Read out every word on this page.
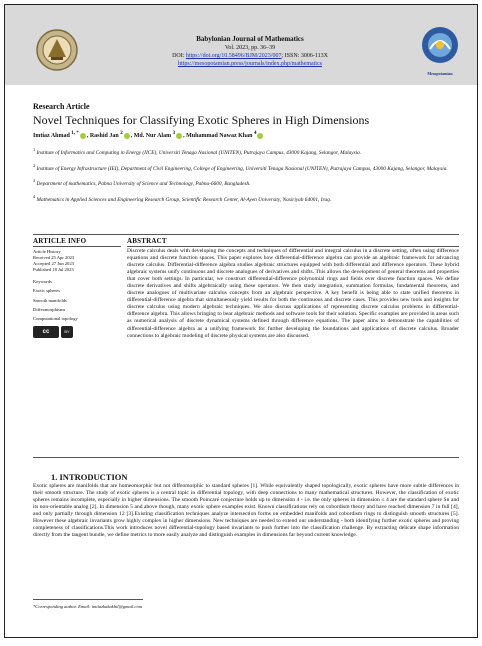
Babylonian Journal of Mathematics
Vol. 2023, pp. 36–39
DOI: https://doi.org/10.58496/BJM/2023/007; ISSN: 3006-113X
https://mesopotamian.press/journals/index.php/mathematics
Mesopotamian
Research Article
Novel Techniques for Classifying Exotic Spheres in High Dimensions
Imtiaz Ahmad $^{1, *}$ , Rashid Jan $^2$ , Md. Nur Alam $^3$ , Muhammad Nawaz Khan $^4$
$^1$ Institute of Informatics and Computing in Energy (IICE), Universiti Tenaga Nasional (UNITEN), Putrajaya Campus, 43000 Kajang, Selangor, Malaysia.
$^2$ Institute of Energy Infrastructure (IEI), Department of Civil Engineering, College of Engineering, Universiti Tenaga Nasional (UNITEN), Putrajaya Campus, 43000 Kajang, Selangor, Malaysia.
$^3$ Department of mathematics, Pabna University of Science and Technology, Pabna-6600, Bangladesh.
$^4$ Mathematics in Applied Sciences and Engineering Research Group, Scientific Research Center, Al-Ayen University, Nasiriyah 64001, Iraq.
ARTICLE INFO	ABSTRACT
Article History
Received 25 Apr 2023
Accepted 27 Jun 2023
Published 18 Jul 2023
Keywords
Exotic spheres
Smooth manifolds
Diffeomorphisms
Computational topology
cc	BY
Discrete calculus deals with developing the concepts and techniques of differential and integral calculus in a discrete setting, often using difference equations and discrete function spaces. This paper explores how differential-difference algebra can provide an algebraic framework for advancing discrete calculus. Differential-difference algebra studies algebraic structures equipped with both differential and difference operators. These hybrid algebraic systems unify continuous and discrete analogues of derivatives and shifts. This allows the development of general theorems and properties that cover both settings. In particular, we construct differential-difference polynomial rings and fields over discrete function spaces. We define discrete derivatives and shifts algebraically using these operators. We then study integration, summation formulas, fundamental theorems, and discrete analogues of multivariate calculus concepts from an algebraic perspective. A key benefit is being able to state unified theorems in differential-difference algebra that simultaneously yield results for both the continuous and discrete cases. This provides new tools and insights for discrete calculus using modern algebraic techniques. We also discuss applications of representing discrete calculus problems in differential-difference algebra. This allows bringing to bear algebraic methods and software tools for their solution. Specific examples are provided in areas such as numerical analysis of discrete dynamical systems defined through difference equations. The paper aims to demonstrate the capabilities of differential-difference algebra as a unifying framework for further developing the foundations and applications of discrete calculus. Broader connections to algebraic modeling of discrete physical systems are also discussed.
1. INTRODUCTION
Exotic spheres are manifolds that are homeomorphic but not diffeomorphic to standard spheres [1]. While equivalently shaped topologically, exotic spheres have more subtle differences in their smooth structure. The study of exotic spheres is a central topic in differential topology, with deep connections to many mathematical structures. However, the classification of exotic spheres remains incomplete, especially in higher dimensions. The smooth Poincaré conjecture holds up to dimension 4 - i.e. the only spheres in dimension ≤ 4 are the standard sphere Sn and its non-orientable analog [2]. In dimension 5 and above though, many exotic sphere examples exist. Known classifications rely on cobordism theory and have reached dimension 7 in full [4], and only partially through dimension 12 [3].Existing classification techniques analyze intersection forms on embedded manifolds and cobordism rings to distinguish smooth structures [5]. However these algebraic invariants grow highly complex in higher dimensions. New techniques are needed to extend our understanding - both identifying further exotic spheres and proving completeness of classifications.This work introduces novel differential-topology based invariants to push further into the classification challenge. By extracting delicate shape information directly from the tangent bundle, we define metrics to more easily analyze and distinguish examples in dimensions far beyond current knowledge.
*Corresponding author. Email: imtiazkakakhil@gmail.com
